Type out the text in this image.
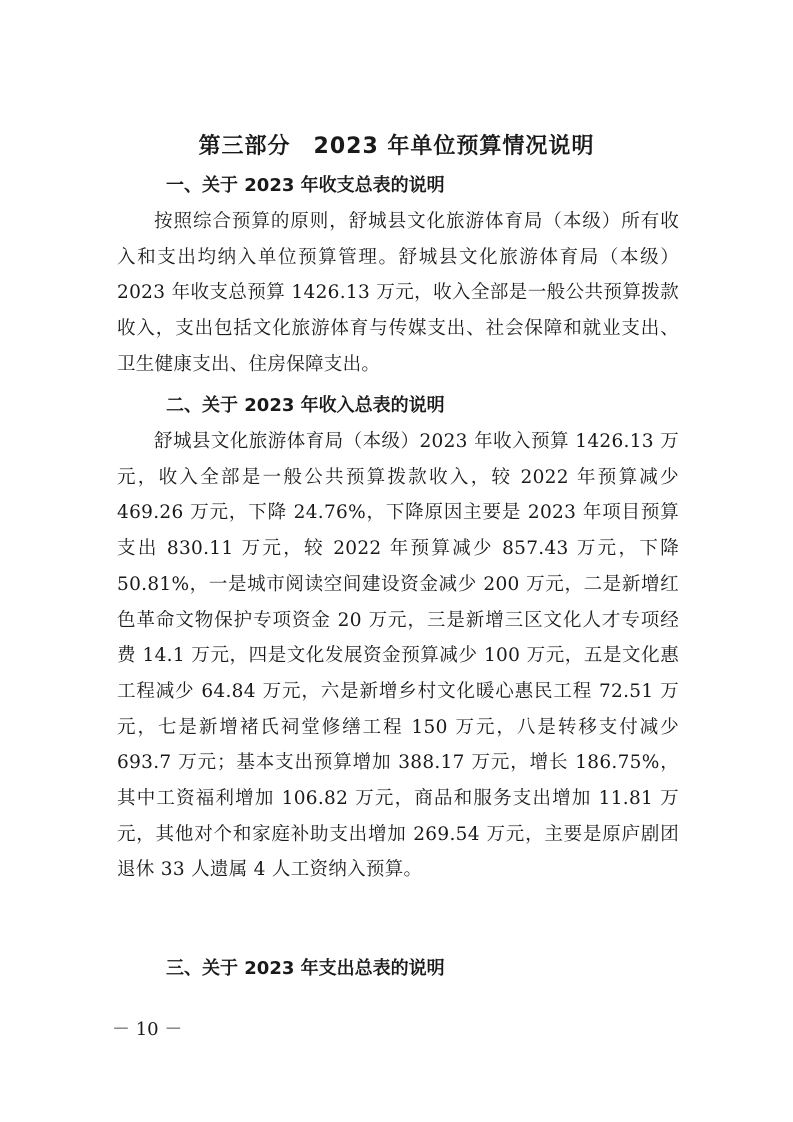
第三部分　2023 年单位预算情况说明
一、关于 2023 年收支总表的说明

按照综合预算的原则，舒城县文化旅游体育局（本级）所有收入和支出均纳入单位预算管理。舒城县文化旅游体育局（本级）2023 年收支总预算 1426.13 万元，收入全部是一般公共预算拨款收入，支出包括文化旅游体育与传媒支出、社会保障和就业支出、卫生健康支出、住房保障支出。

二、关于 2023 年收入总表的说明

舒城县文化旅游体育局（本级）2023 年收入预算 1426.13 万元，收入全部是一般公共预算拨款收入，较 2022 年预算减少 469.26 万元，下降 24.76%，下降原因主要是 2023 年项目预算支出 830.11 万元，较 2022 年预算减少 857.43 万元，下降 50.81%，一是城市阅读空间建设资金减少 200 万元，二是新增红色革命文物保护专项资金 20 万元，三是新增三区文化人才专项经费 14.1 万元，四是文化发展资金预算减少 100 万元，五是文化惠工程减少 64.84 万元，六是新增乡村文化暖心惠民工程 72.51 万元，七是新增褚氏祠堂修缮工程 150 万元，八是转移支付减少 693.7 万元；基本支出预算增加 388.17 万元，增长 186.75%，其中工资福利增加 106.82 万元，商品和服务支出增加 11.81 万元，其他对个和家庭补助支出增加 269.54 万元，主要是原庐剧团退休 33 人遗属 4 人工资纳入预算。

三、关于 2023 年支出总表的说明
－ 10 －
